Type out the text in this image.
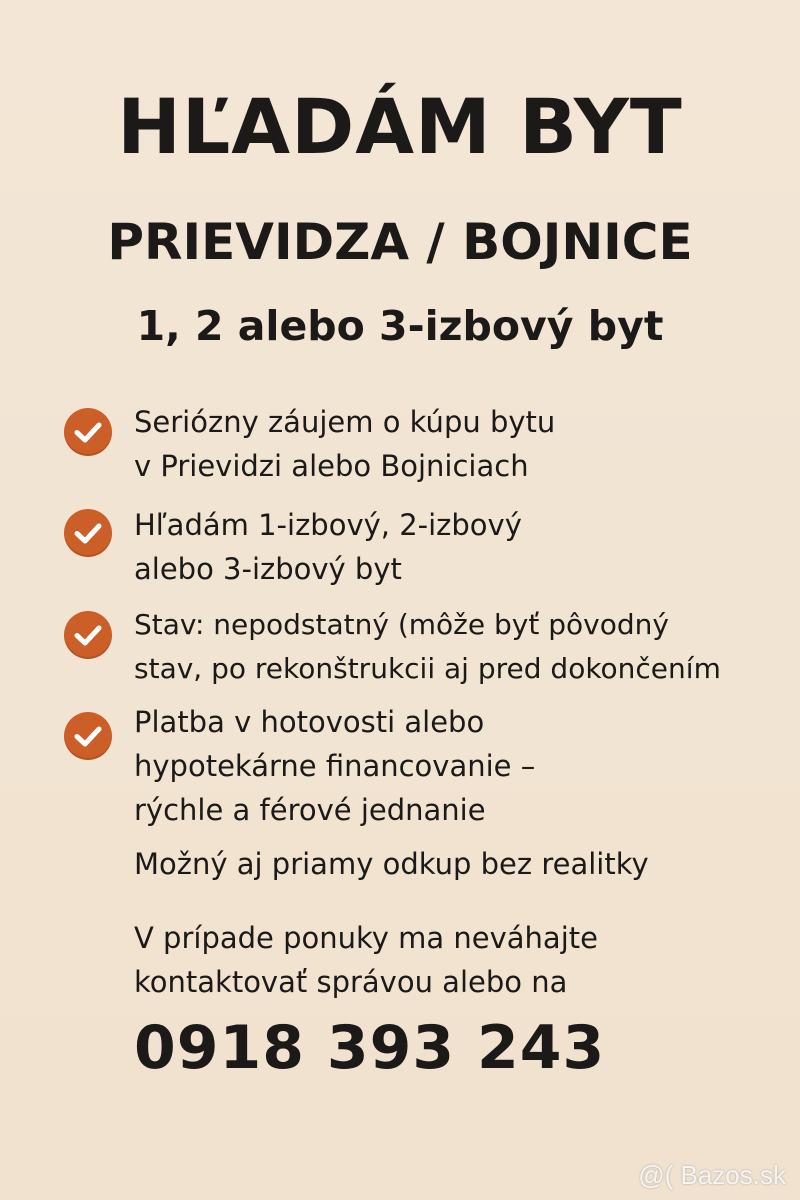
HĽADÁM BYT
PRIEVIDZA / BOJNICE
1, 2 alebo 3-izbový byt
Seriózny záujem o kúpu bytu
v Prievidzi alebo Bojniciach
Hľadám 1-izbový, 2-izbový
alebo 3-izbový byt
Stav: nepodstatný (môže byť pôvodný
stav, po rekonštrukcii aj pred dokončením
Platba v hotovosti alebo
hypotekárne financovanie –
rýchle a férové jednanie
Možný aj priamy odkup bez realitky
V prípade ponuky ma neváhajte
kontaktovať správou alebo na
0918 393 243
@( Bazos.sk
